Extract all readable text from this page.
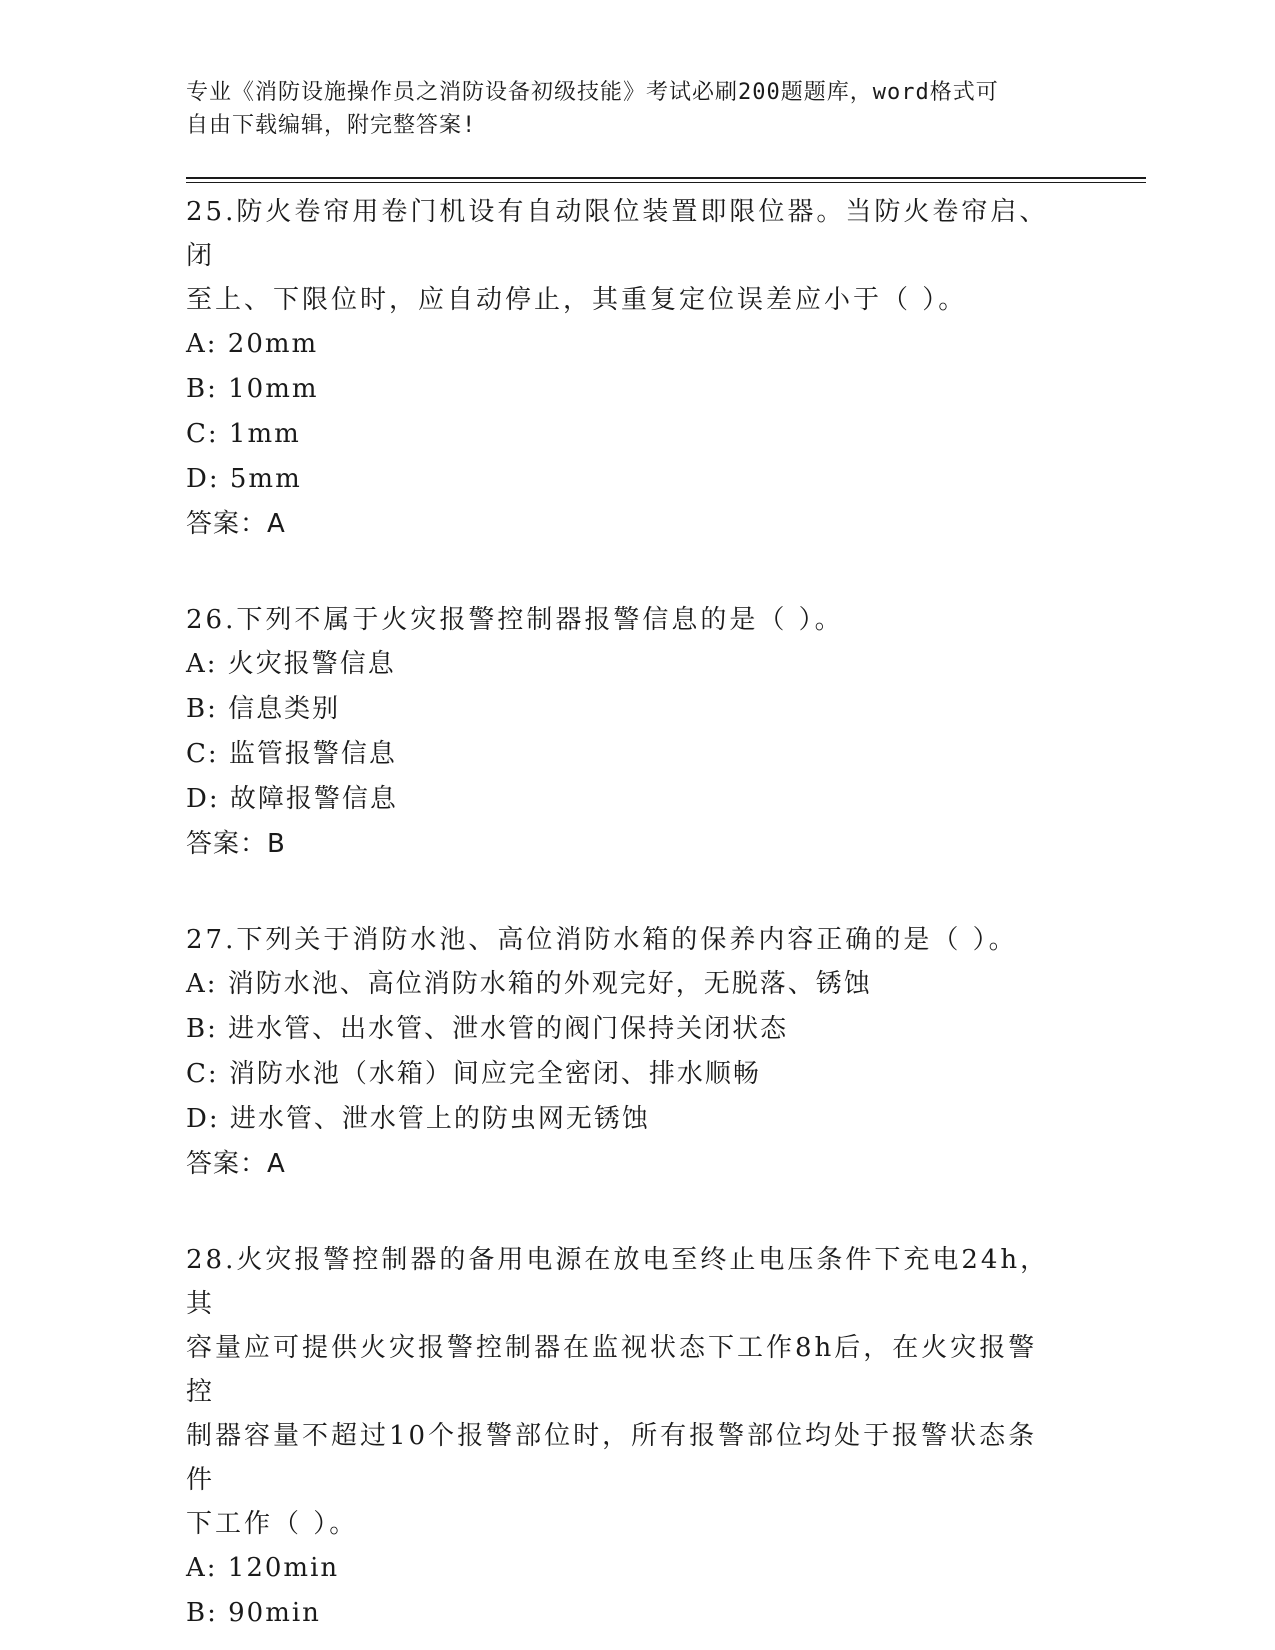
专业《消防设施操作员之消防设备初级技能》考试必刷200题题库，word格式可
自由下载编辑，附完整答案!
25.防火卷帘用卷门机设有自动限位装置即限位器。当防火卷帘启、闭
至上、下限位时，应自动停止，其重复定位误差应小于（ ）。
A: 20mm
B: 10mm
C: 1mm
D: 5mm
答案：A
26.下列不属于火灾报警控制器报警信息的是（ ）。
A: 火灾报警信息
B: 信息类别
C: 监管报警信息
D: 故障报警信息
答案：B
27.下列关于消防水池、高位消防水箱的保养内容正确的是（ ）。
A: 消防水池、高位消防水箱的外观完好，无脱落、锈蚀
B: 进水管、出水管、泄水管的阀门保持关闭状态
C: 消防水池（水箱）间应完全密闭、排水顺畅
D: 进水管、泄水管上的防虫网无锈蚀
答案：A
28.火灾报警控制器的备用电源在放电至终止电压条件下充电24h，其
容量应可提供火灾报警控制器在监视状态下工作8h后，在火灾报警控
制器容量不超过10个报警部位时，所有报警部位均处于报警状态条件
下工作（ ）。
A: 120min
B: 90min
